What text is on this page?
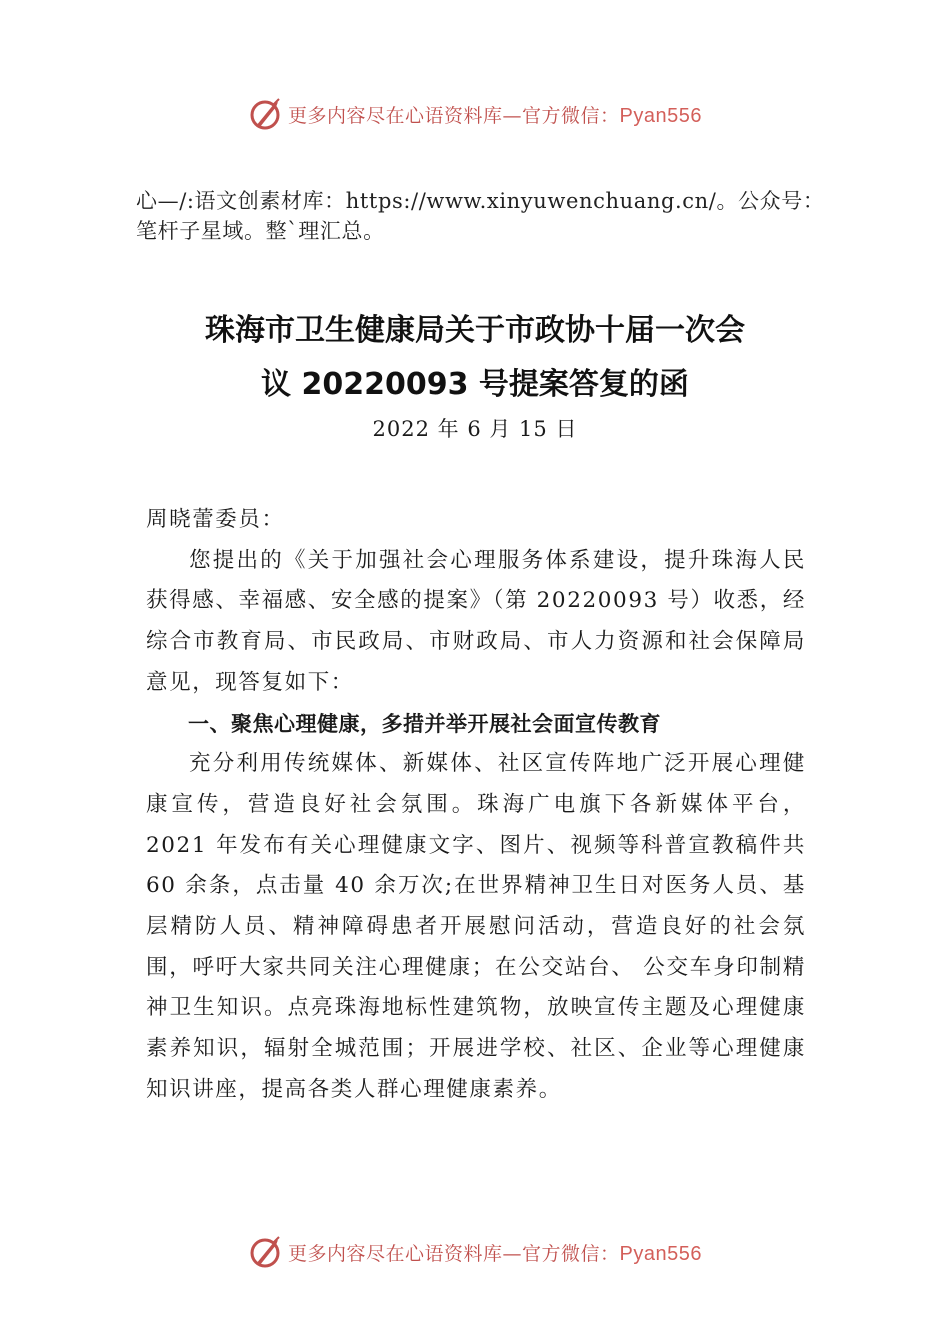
更多内容尽在心语资料库—官方微信：Pyan556
心—/:语文创素材库：https://www.xinyuwenchuang.cn/。公众号：笔杆子星域。整`理汇总。
珠海市卫生健康局关于市政协十届一次会
议 20220093 号提案答复的函
2022 年 6 月 15 日

周晓蕾委员：

您提出的《关于加强社会心理服务体系建设，提升珠海人民获得感、幸福感、安全感的提案》（第 20220093 号）收悉，经综合市教育局、市民政局、市财政局、市人力资源和社会保障局意见，现答复如下：

一、聚焦心理健康，多措并举开展社会面宣传教育

充分利用传统媒体、新媒体、社区宣传阵地广泛开展心理健康宣传，营造良好社会氛围。珠海广电旗下各新媒体平台，2021 年发布有关心理健康文字、图片、视频等科普宣教稿件共 60 余条，点击量 40 余万次;在世界精神卫生日对医务人员、基层精防人员、精神障碍患者开展慰问活动，营造良好的社会氛围，呼吁大家共同关注心理健康；在公交站台、 公交车身印制精神卫生知识。点亮珠海地标性建筑物，放映宣传主题及心理健康素养知识，辐射全城范围；开展进学校、社区、企业等心理健康知识讲座，提高各类人群心理健康素养。

更多内容尽在心语资料库—官方微信：Pyan556
